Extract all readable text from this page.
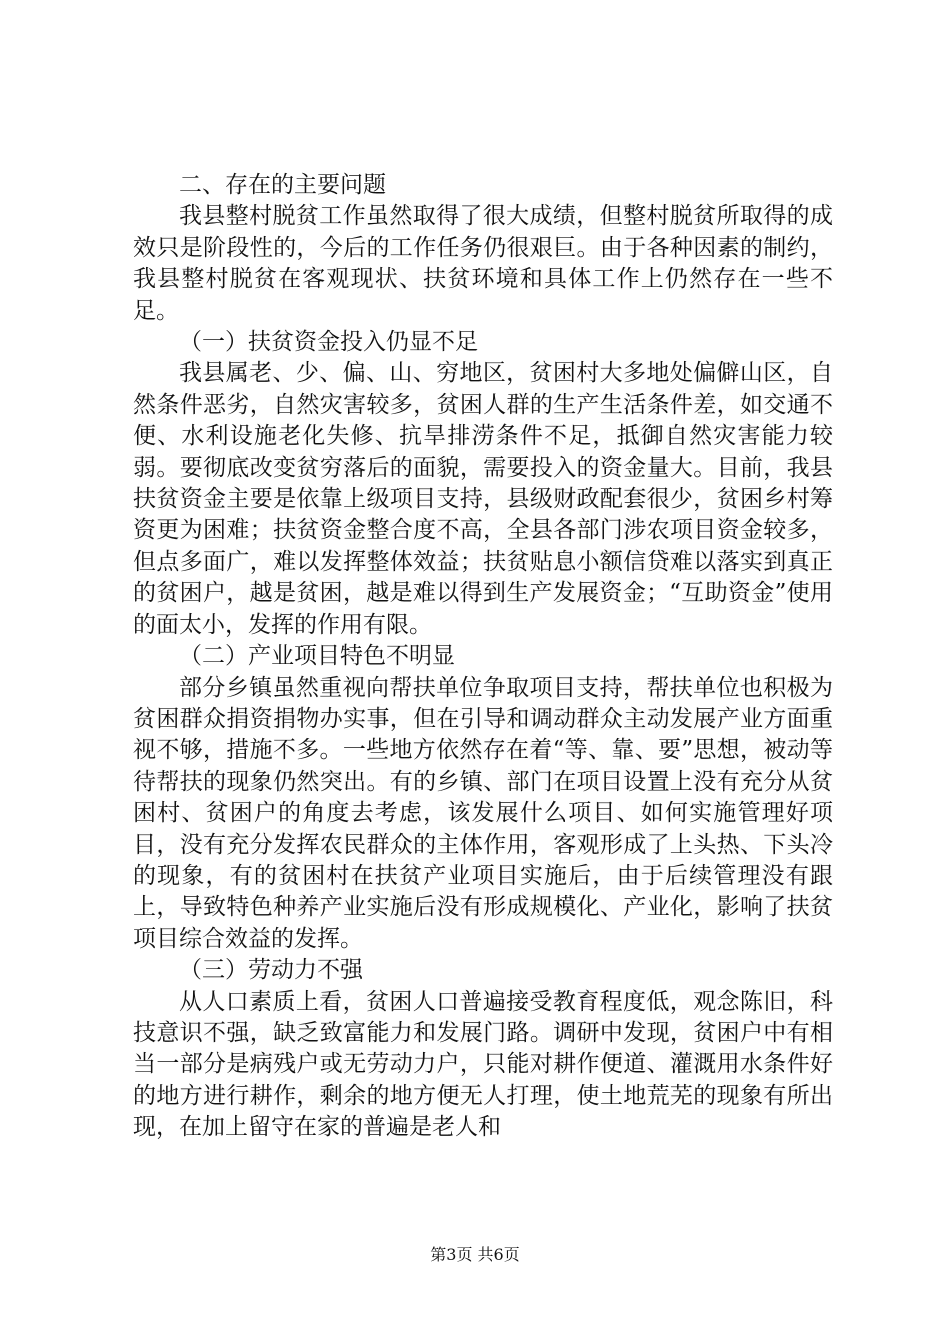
二、存在的主要问题

我县整村脱贫工作虽然取得了很大成绩，但整村脱贫所取得的成效只是阶段性的，今后的工作任务仍很艰巨。由于各种因素的制约，我县整村脱贫在客观现状、扶贫环境和具体工作上仍然存在一些不足。

（一）扶贫资金投入仍显不足

我县属老、少、偏、山、穷地区，贫困村大多地处偏僻山区，自然条件恶劣，自然灾害较多，贫困人群的生产生活条件差，如交通不便、水利设施老化失修、抗旱排涝条件不足，抵御自然灾害能力较弱。要彻底改变贫穷落后的面貌，需要投入的资金量大。目前，我县扶贫资金主要是依靠上级项目支持，县级财政配套很少，贫困乡村筹资更为困难；扶贫资金整合度不高，全县各部门涉农项目资金较多，但点多面广，难以发挥整体效益；扶贫贴息小额信贷难以落实到真正的贫困户，越是贫困，越是难以得到生产发展资金；“互助资金”使用的面太小，发挥的作用有限。

（二）产业项目特色不明显

部分乡镇虽然重视向帮扶单位争取项目支持，帮扶单位也积极为贫困群众捐资捐物办实事，但在引导和调动群众主动发展产业方面重视不够，措施不多。一些地方依然存在着“等、靠、要”思想，被动等待帮扶的现象仍然突出。有的乡镇、部门在项目设置上没有充分从贫困村、贫困户的角度去考虑，该发展什么项目、如何实施管理好项目，没有充分发挥农民群众的主体作用，客观形成了上头热、下头冷的现象，有的贫困村在扶贫产业项目实施后，由于后续管理没有跟上，导致特色种养产业实施后没有形成规模化、产业化，影响了扶贫项目综合效益的发挥。

（三）劳动力不强

从人口素质上看，贫困人口普遍接受教育程度低，观念陈旧，科技意识不强，缺乏致富能力和发展门路。调研中发现，贫困户中有相当一部分是病残户或无劳动力户，只能对耕作便道、灌溉用水条件好的地方进行耕作，剩余的地方便无人打理，使土地荒芜的现象有所出现，在加上留守在家的普遍是老人和

第3页 共6页
